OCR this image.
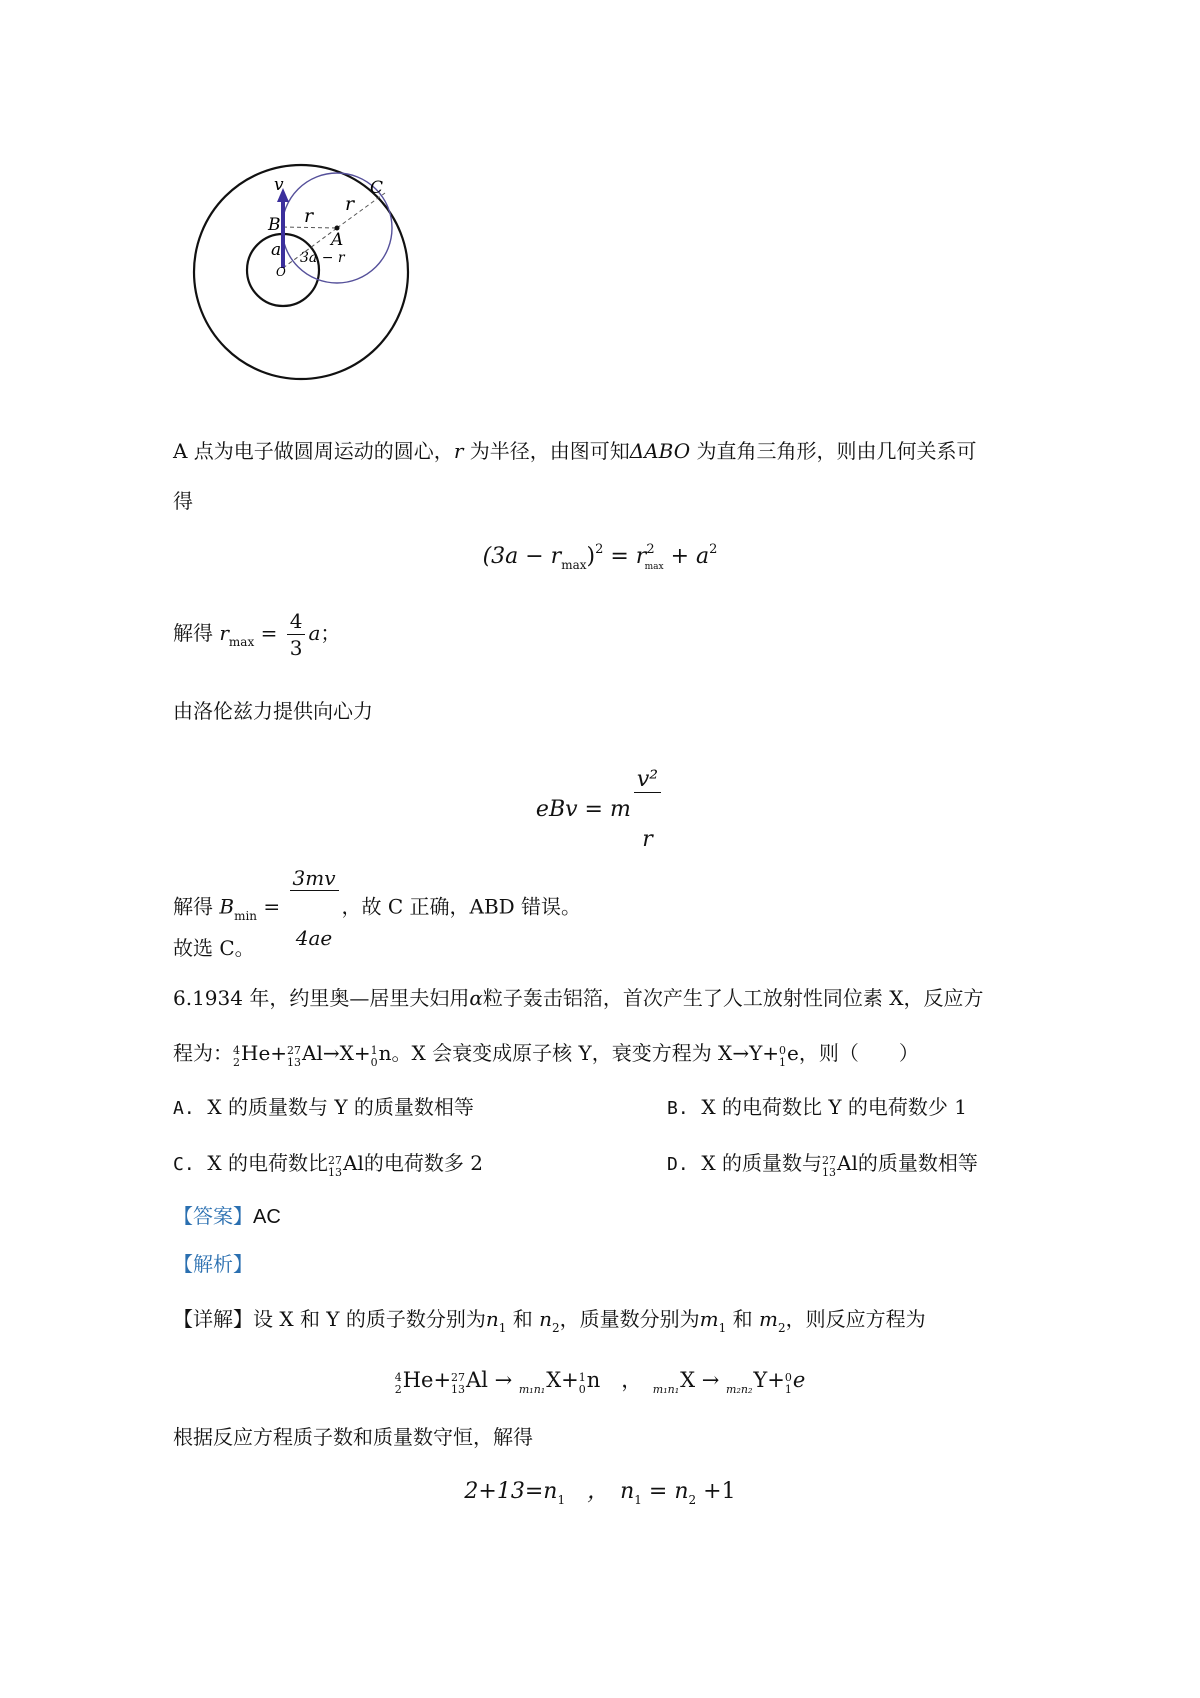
v
B
C
A
O
a
r
r
3a − r
A 点为电子做圆周运动的圆心，r 为半径，由图可知ΔABO 为直角三角形，则由几何关系可
得
$(3a - r_{max})^2 = r^2_{max} + a^2$
解得 $r_{max} = \frac{4}{3}$ a；
由洛伦兹力提供向心力
eBv = m $\frac{\text{v²}}{r}$
解得 $B_{min} = \frac{3mv}{4ae}$ ，故 C 正确，ABD 错误。
故选 C。
6.1934 年，约里奥—居里夫妇用α粒子轰击铝箔，首次产生了人工放射性同位素 X，反应方
程为： 4
2 He+ 27
13 Al→X+ 1
0 n。X 会衰变成原子核 Y，衰变方程为 X→Y+ 0
1 e，则（　　）
A. X 的质量数与 Y 的质量数相等	B. X 的电荷数比 Y 的电荷数少 1
C. X 的电荷数比 27
13 Al的电荷数多 2	D. X 的质量数与 27
13 Al的质量数相等
【答案】AC
【解析】
【详解】设 X 和 Y 的质子数分别为$n_1$ 和 $n_2$，质量数分别为$m_1$ 和 $m_2$，则反应方程为
4
2 He+ 27
13 Al → m₁n₁X+ 1
0 n　，　m₁n₁X → m₂n₂Y+ 0
1 e
根据反应方程质子数和质量数守恒，解得
$2+13=n_1$　，　$n_1 = n_2 +1$
